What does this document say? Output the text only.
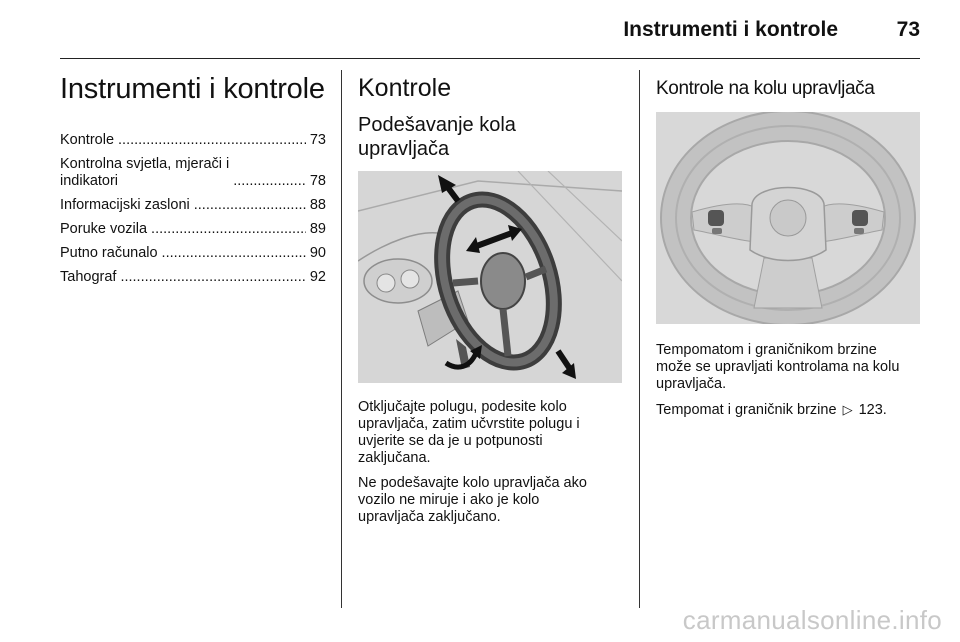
Instrumenti i kontrole	73
Instrumenti i kontrole
Kontrole .....	73
Kontrolna svjetla, mjerači i
indikatori .....	78
Informacijski zasloni .....	88
Poruke vozila .....	89
Putno računalo .....	90
Tahograf .....	92
Kontrole
Podešavanje kola upravljača

Otključajte polugu, podesite kolo
upravljača, zatim učvrstite polugu i
uvjerite se da je u potpunosti
zaključana.

Ne podešavajte kolo upravljača ako
vozilo ne miruje i ako je kolo
upravljača zaključano.

Kontrole na kolu upravljača

Tempomatom i graničnikom brzine
može se upravljati kontrolama na kolu
upravljača.

Tempomat i graničnik brzine ▷ 123.

carmanualsonline.info
